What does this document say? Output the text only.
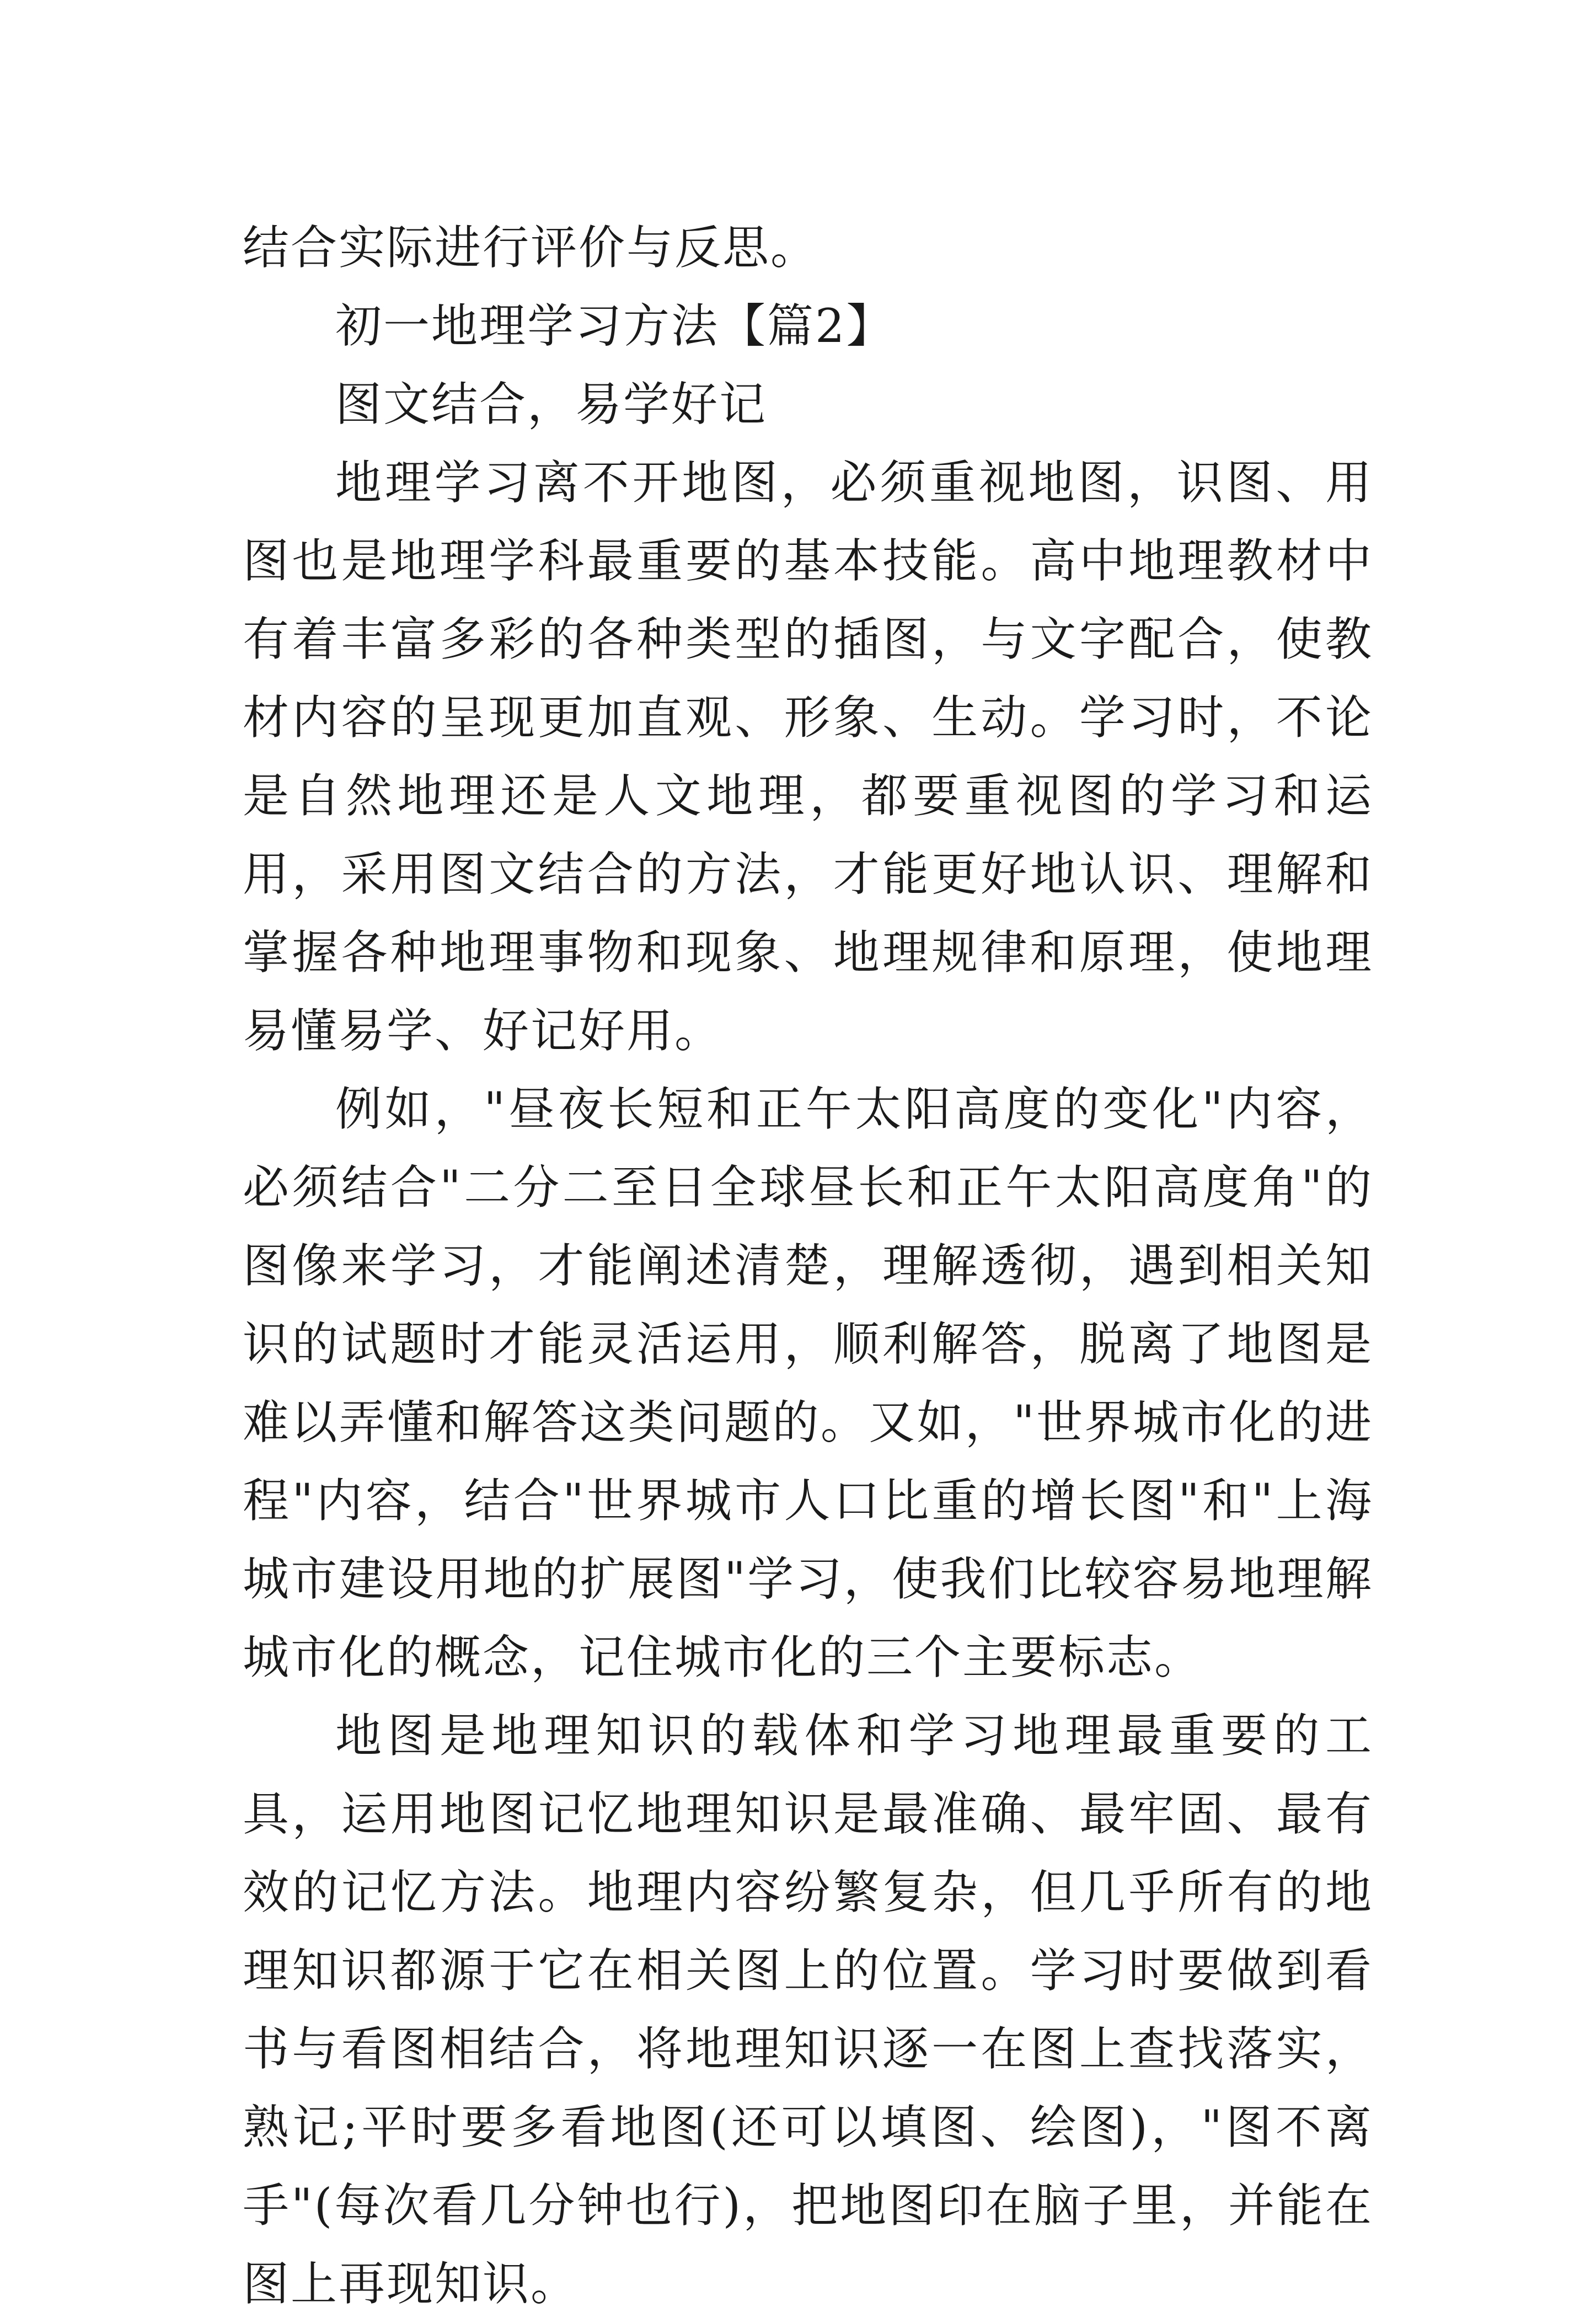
结合实际进行评价与反思。

初一地理学习方法【篇2】

图文结合，易学好记

地理学习离不开地图，必须重视地图，识图、用图也是地理学科最重要的基本技能。高中地理教材中有着丰富多彩的各种类型的插图，与文字配合，使教材内容的呈现更加直观、形象、生动。学习时，不论是自然地理还是人文地理，都要重视图的学习和运用，采用图文结合的方法，才能更好地认识、理解和掌握各种地理事物和现象、地理规律和原理，使地理易懂易学、好记好用。

例如，"昼夜长短和正午太阳高度的变化"内容，必须结合"二分二至日全球昼长和正午太阳高度角"的图像来学习，才能阐述清楚，理解透彻，遇到相关知识的试题时才能灵活运用，顺利解答，脱离了地图是难以弄懂和解答这类问题的。又如，"世界城市化的进程"内容，结合"世界城市人口比重的增长图"和"上海城市建设用地的扩展图"学习，使我们比较容易地理解城市化的概念，记住城市化的三个主要标志。

地图是地理知识的载体和学习地理最重要的工具，运用地图记忆地理知识是最准确、最牢固、最有效的记忆方法。地理内容纷繁复杂，但几乎所有的地理知识都源于它在相关图上的位置。学习时要做到看书与看图相结合，将地理知识逐一在图上查找落实，熟记;平时要多看地图(还可以填图、绘图)，"图不离手"(每次看几分钟也行)，把地图印在脑子里，并能在图上再现知识。
